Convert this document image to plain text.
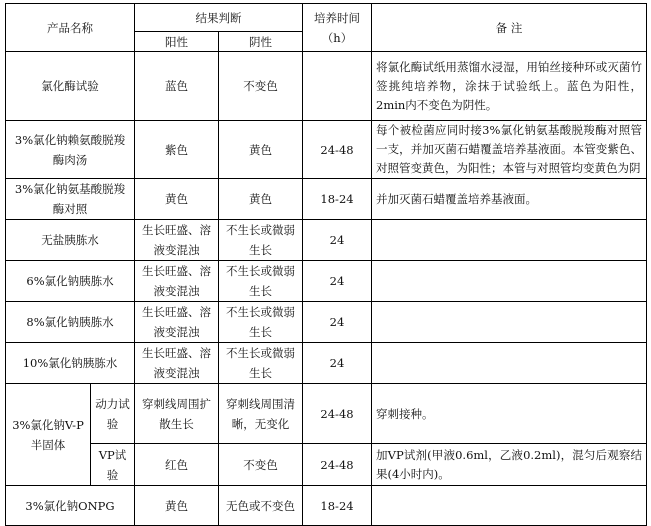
产品名称		结果判断		培养时间
（h）	备 注
		阳性	阴性		
氯化酶试验		蓝色	不变色		将氯化酶试纸用蒸馏水浸湿，用铂丝接种环或灭菌竹签挑纯培养物，涂抹于试验纸上。蓝色为阳性，2min内不变色为阴性。
3%氯化钠赖氨酸脱羧酶肉汤		紫色	黄色	24-48	每个被检菌应同时接3%氯化钠氨基酸脱羧酶对照管一支，并加灭菌石蜡覆盖培养基液面。本管变紫色、对照管变黄色，为阳性；本管与对照管均变黄色为阴
3%氯化钠氨基酸脱羧酶对照		黄色	黄色	18-24	并加灭菌石蜡覆盖培养基液面。
无盐胰胨水		生长旺盛、溶液变混浊	不生长或微弱生长	24	
6%氯化钠胰胨水		生长旺盛、溶液变混浊	不生长或微弱生长	24	
8%氯化钠胰胨水		生长旺盛、溶液变混浊	不生长或微弱生长	24	
10%氯化钠胰胨水		生长旺盛、溶液变混浊	不生长或微弱生长	24	
3%氯化钠V-P半固体	动力试验	穿刺线周围扩散生长	穿刺线周围清晰，无变化	24-48	穿刺接种。
	VP试验	红色	不变色	24-48	加VP试剂(甲液0.6ml，乙液0.2ml)，混匀后观察结果(4小时内)。
3%氯化钠ONPG		黄色	无色或不变色	18-24	
